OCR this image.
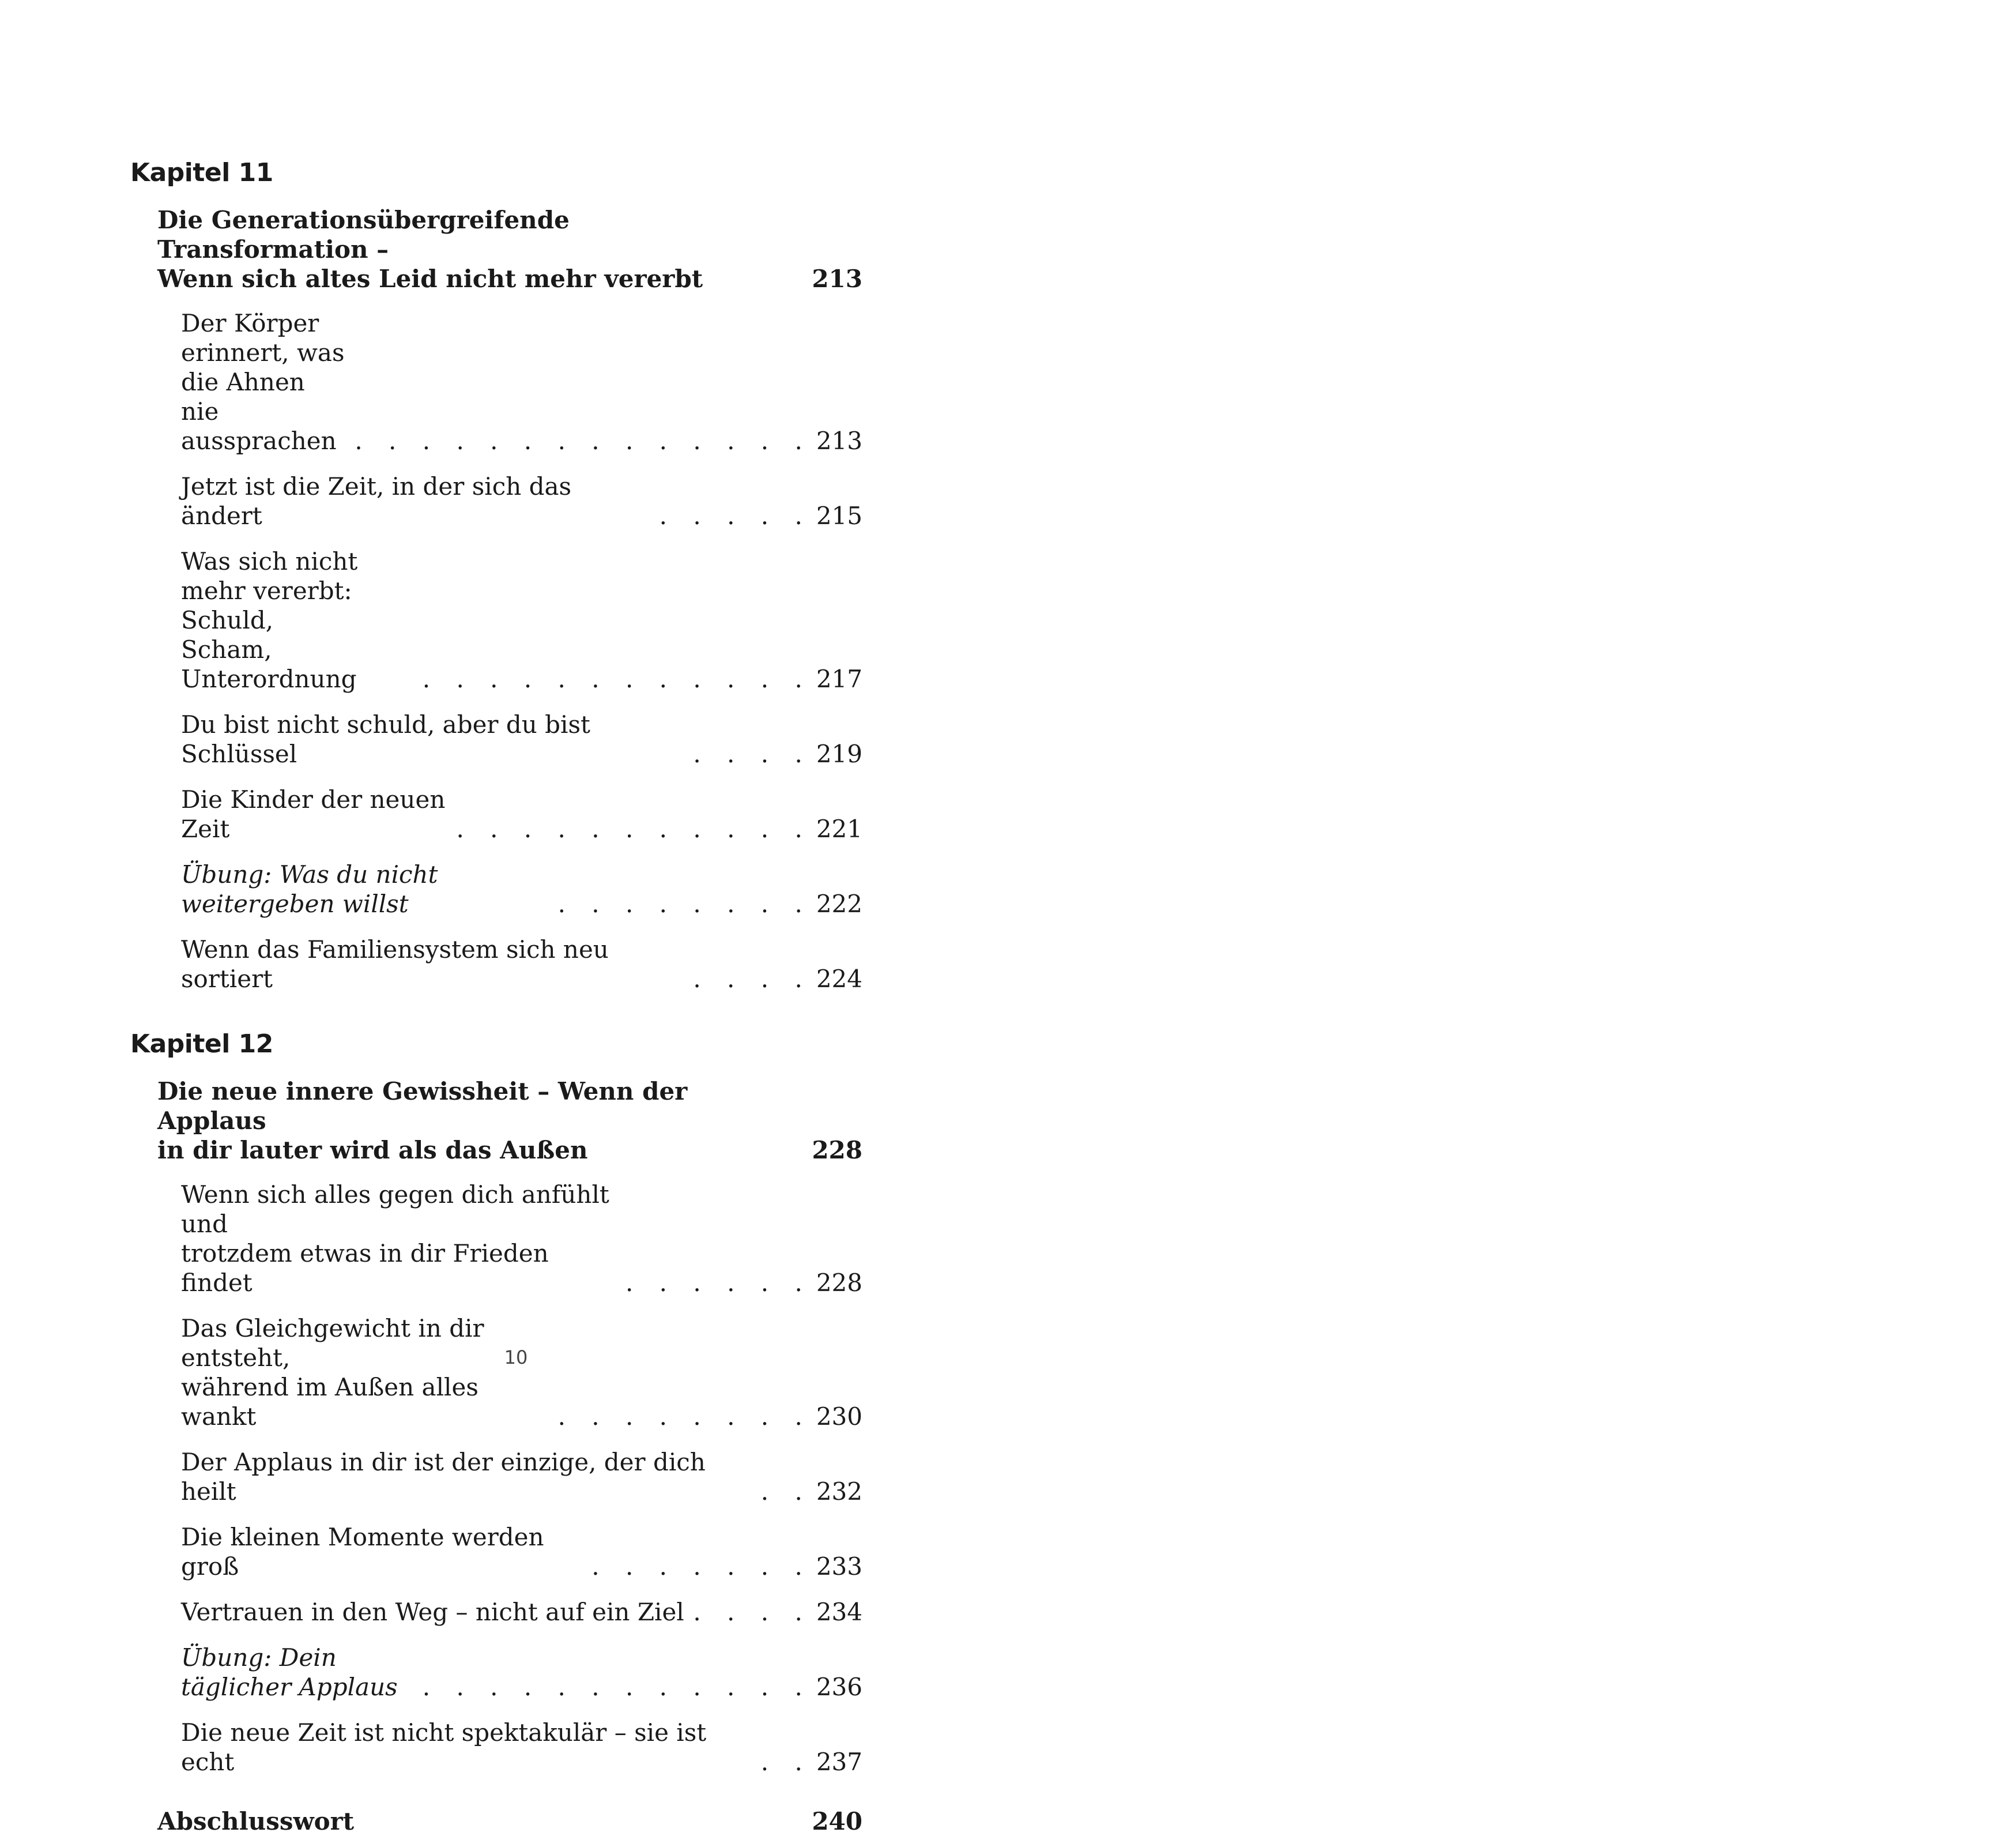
Kapitel 11
Die Generationsübergreifende Transformation –
Wenn sich altes Leid nicht mehr vererbt	213
Der Körper erinnert, was die Ahnen
nie aussprachen . . . . . . . . . . . . . . 213
Jetzt ist die Zeit, in der sich das ändert	. . . . . 215
Was sich nicht mehr vererbt: Schuld,
Scham, Unterordnung	. . . . . . . . . . . . 217
Du bist nicht schuld, aber du bist Schlüssel	. . . . 219
Die Kinder der neuen Zeit	. . . . . . . . . . . 221
Übung: Was du nicht weitergeben willst	. . . . . . . . 222
Wenn das Familiensystem sich neu sortiert	. . . . 224
Kapitel 12
Die neue innere Gewissheit – Wenn der Applaus
in dir lauter wird als das Außen	228
Wenn sich alles gegen dich anfühlt und
trotzdem etwas in dir Frieden findet	. . . . . . 228
Das Gleichgewicht in dir entsteht,
während im Außen alles wankt	. . . . . . . . 230
Der Applaus in dir ist der einzige, der dich heilt	. . 232
Die kleinen Momente werden groß	. . . . . . . 233
Vertrauen in den Weg – nicht auf ein Ziel . . . . 234
Übung: Dein täglicher Applaus	. . . . . . . . . . . . 236
Die neue Zeit ist nicht spektakulär – sie ist echt	. . 237
Abschlusswort	240
10
